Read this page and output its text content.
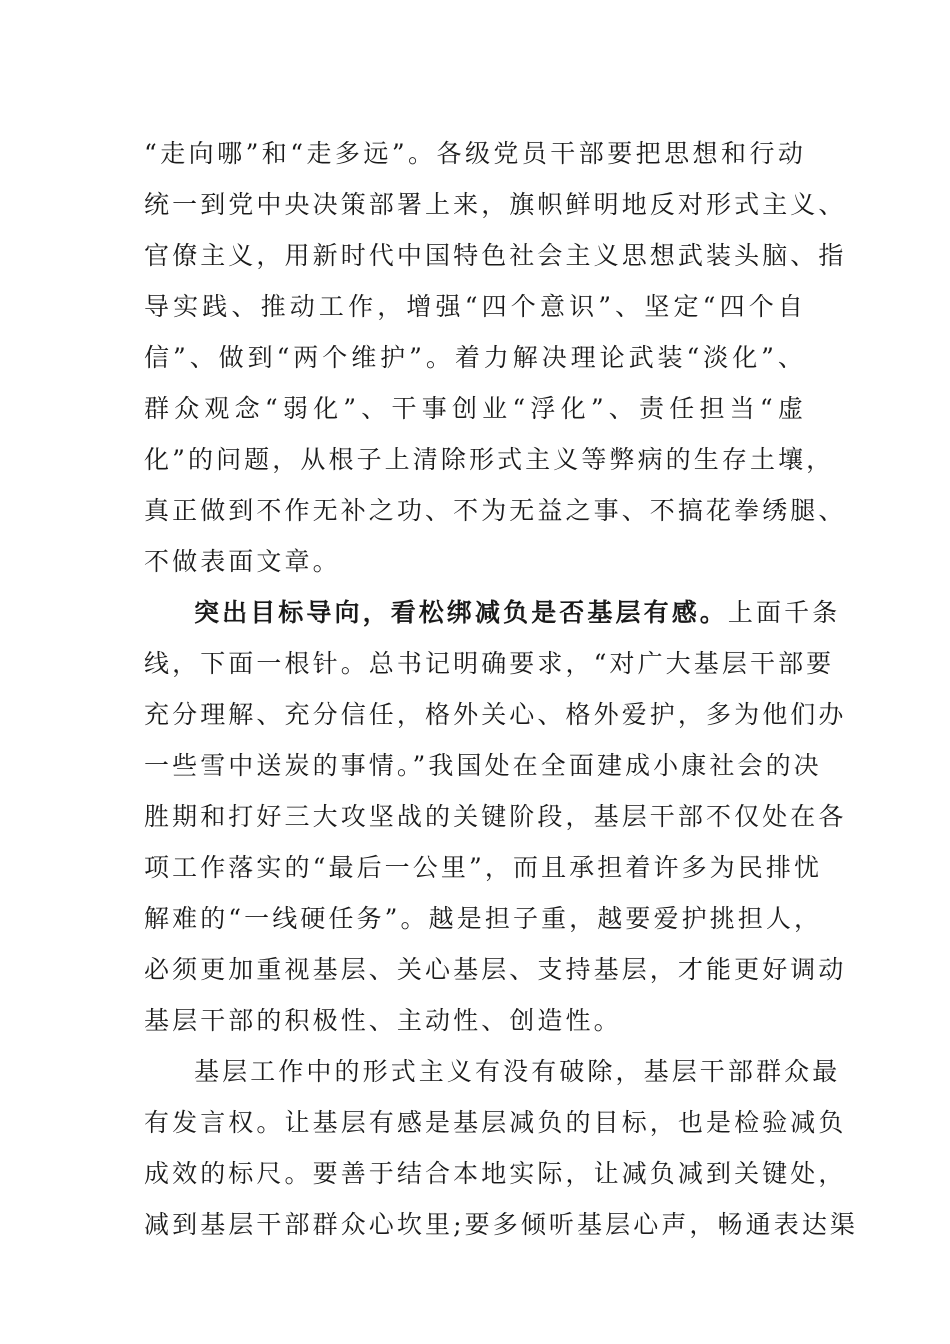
“走向哪”和“走多远”。各级党员干部要把思想和行动
统一到党中央决策部署上来，旗帜鲜明地反对形式主义、
官僚主义，用新时代中国特色社会主义思想武装头脑、指
导实践、推动工作，增强“四个意识”、坚定“四个自
信”、做到“两个维护”。着力解决理论武装“淡化”、
群众观念“弱化”、干事创业“浮化”、责任担当“虚
化”的问题，从根子上清除形式主义等弊病的生存土壤，
真正做到不作无补之功、不为无益之事、不搞花拳绣腿、
不做表面文章。
突出目标导向，看松绑减负是否基层有感。上面千条
线，下面一根针。总书记明确要求，“对广大基层干部要
充分理解、充分信任，格外关心、格外爱护，多为他们办
一些雪中送炭的事情。”我国处在全面建成小康社会的决
胜期和打好三大攻坚战的关键阶段，基层干部不仅处在各
项工作落实的“最后一公里”，而且承担着许多为民排忧
解难的“一线硬任务”。越是担子重，越要爱护挑担人，
必须更加重视基层、关心基层、支持基层，才能更好调动
基层干部的积极性、主动性、创造性。
基层工作中的形式主义有没有破除，基层干部群众最
有发言权。让基层有感是基层减负的目标，也是检验减负
成效的标尺。要善于结合本地实际，让减负减到关键处，
减到基层干部群众心坎里;要多倾听基层心声，畅通表达渠
